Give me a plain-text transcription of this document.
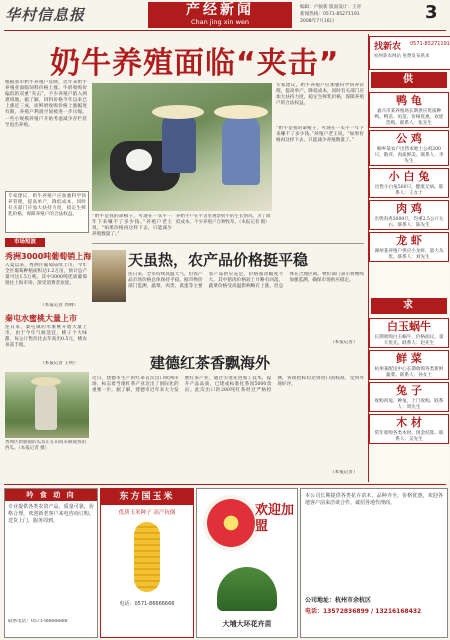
华村信息报	产经新闻
Chan jing xin wen
编辑：卢骏新 版面设计：王青
新闻热线：0571-85271191
2008年7月16日	3
奶牛养殖面临“夹击”
根据我市奶牛养殖户反映，近年来奶牛养殖业面临饲料价格上涨、牛奶收购价偏低的双重“夹击”，不少养殖户陷入两难境地。据了解，饲料价格今年以来已上涨近三成，而鲜奶收购价格上涨幅度有限，养殖户利润空间被进一步压缩。一些小规模养殖户开始考虑减少存栏甚至退出养殖。
专家建议，奶牛养殖户应加强科学饲养管理，提高单产，降低成本，同时有关部门应加大扶持力度，稳定生鲜乳价格，保障养殖户的合法权益。
市场短波
秀洲3000吨葡萄销上海
入夏以来，秀洲区葡萄陆续上市，今年全区葡萄种植面积达1.2万亩，预计总产量可达1.5万吨，其中3000吨优质葡萄销往上海市场，深受消费者欢迎。
（本报记者 周林）
秦屯水蜜桃大量上市
连日来，秦屯镇的水蜜桃开始大量上市，由于今年气候适宜，桃子个大味甜，每公斤售价比去年高出0.5元，桃农喜获丰收。
（本报记者 王明）
秀洲区新塍镇的瓜农正在田间采摘成熟的西瓜。（本报记者 摄）
“奶牛是我的命根子，可现在一头牛一年下来赚不了多少钱。”养殖户老王说，“如果价格再这样下去，只能减少养殖数量了。”
养奶牛户在牛舍里观察奶牛的生长情况。为了降低成本，不少养殖户自种牧草。（本报记者 摄）
专家建议，奶牛养殖户应加强科学饲养管理，提高单产，降低成本，同时有关部门应加大扶持力度，稳定生鲜乳价格，保障养殖户的合法权益。
“奶牛是我的命根子，可现在一头牛一年下来赚不了多少钱。”养殖户老王说，“如果价格再这样下去，只能减少养殖数量了。”
天虽热，农产品价格挺平稳
连日来，全市持续高温天气，但农产品市场价格总体保持平稳。据市物价部门监测，蔬菜、肉类、禽蛋等主要农产品供应充足，价格波动幅度不大。其中猪肉价格较上月略有回落，蔬菜价格受高温影响略有上涨，但总体在合理区间。物价部门表示将继续加强监测，确保市场供应稳定。
（本报记者）
建德红茶香飘海外
近日，建德市生产的红茶首次出口欧洲市场，标志着当地红茶产业迈出了国际化的重要一步。据了解，建德市近年来大力发展红茶产业，通过引进先进加工技术，提升产品品质，已建成标准化茶园5000余亩。此次出口的200吨红茶经过严格检测，各项指标均达到进口国标准，受到外商好评。
（本报记者）
找新农 0571-85271191
杭州新农网站 免费发布供求
供
鸭 龟
嘉兴市某养殖场长期供应优质种鸭、鸭苗、龟苗，价格优惠，欢迎选购。联系人：张先生
公 鸡
桐乡某农户出售本地土公鸡200只，散养，肉质鲜美。联系人：李先生
小 白 兔
出售小白兔500只，健康无病。联系人：王女士
肉 鸡
出售肉鸡3000只，均重2.5公斤左右。联系人：陈先生
龙 虾
湖州某养殖户供应小龙虾，量大从优。联系人：刘先生
求
白玉蜗牛
长期收购白玉蜗牛，价格面议，量大优先。联系人：赵先生
鲜 菜
杭州某配送中心长期收购各类新鲜蔬菜。联系人：孙女士
兔 子
收购肉兔、种兔，上门收购。联系人：周先生
木 材
常年收购各类木材，现金结算。联系人：吴先生
吟 食 动 向
专业提供各类农资产品，质量可靠，价格合理，欢迎新老客户来电咨询订购。送货上门，服务周到。
联系电话：0571-88888888
东方国玉米
优质玉米种子 高产抗倒
电话：0571-86666666
欢迎加盟
大埔大环花卉苗
本公司长期提供各类花卉苗木，品种齐全，价格优惠，欢迎各地客户前来洽谈合作。诚招各地代理商。
公司地址：杭州市余杭区
电话：13572836899 / 13216168432
